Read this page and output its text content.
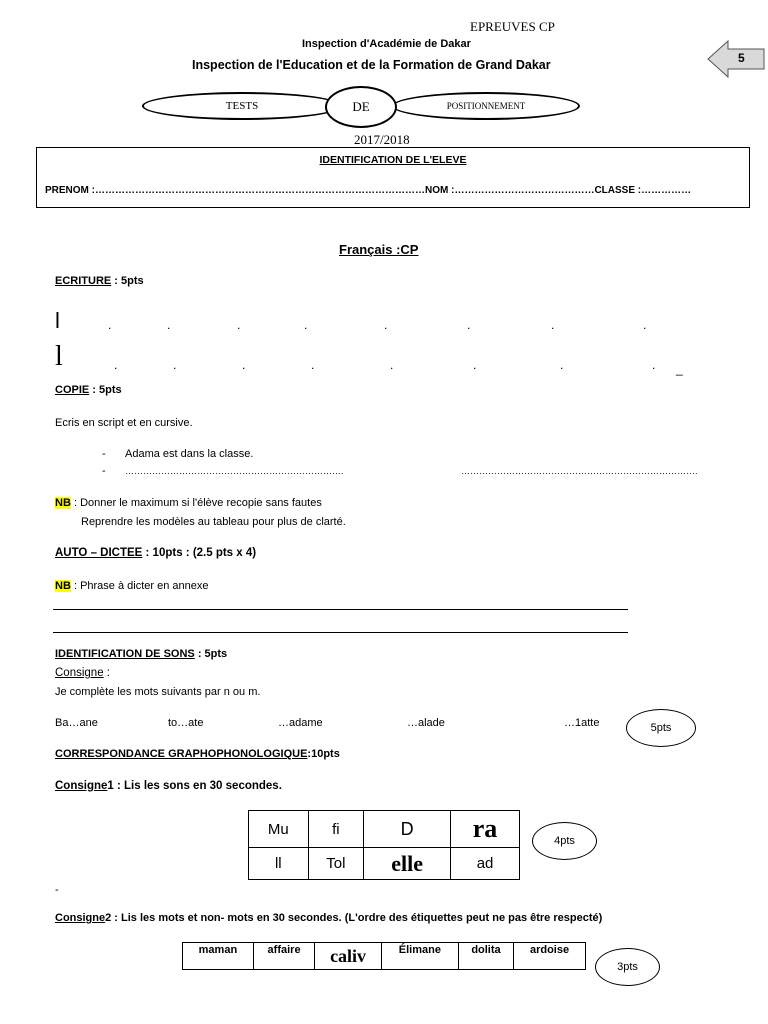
EPREUVES CP
Inspection d'Académie de Dakar
Inspection de l'Education et de la Formation de Grand Dakar	5
TESTS	POSITIONNEMENT
DE
2017/2018
IDENTIFICATION DE L'ELEVE
PRENOM :………………………………………………………………………………………NOM :……………………………………CLASSE :……………
Français :CP
ECRITURE : 5pts
l
l
.	.	.	.	.	.	.	.
.	.	.	.	.	.	.	. _
COPIE : 5pts
Ecris en script et en cursive.
- Adama est dans la classe.
- ……………………………………………………………….	…………………………………………………………………….
NB : Donner le maximum si l'élève recopie sans fautes
Reprendre les modèles au tableau pour plus de clarté.
AUTO – DICTEE : 10pts : (2.5 pts x 4)
NB : Phrase à dicter en annexe
IDENTIFICATION DE SONS : 5pts
Consigne :
Je complète les mots suivants par n ou m.
Ba…ane	to…ate	…adame	…alade	…1atte	5pts
CORRESPONDANCE GRAPHOPHONOLOGIQUE:10pts
Consigne1 : Lis les sons en 30 secondes.
Mu	fi	D	ra
ll	Tol	elle	ad
4pts
-
Consigne2 : Lis les mots et non- mots en 30 secondes. (L'ordre des étiquettes peut ne pas être respecté)
maman	affaire	caliv	Élimane	dolita	ardoise
3pts
